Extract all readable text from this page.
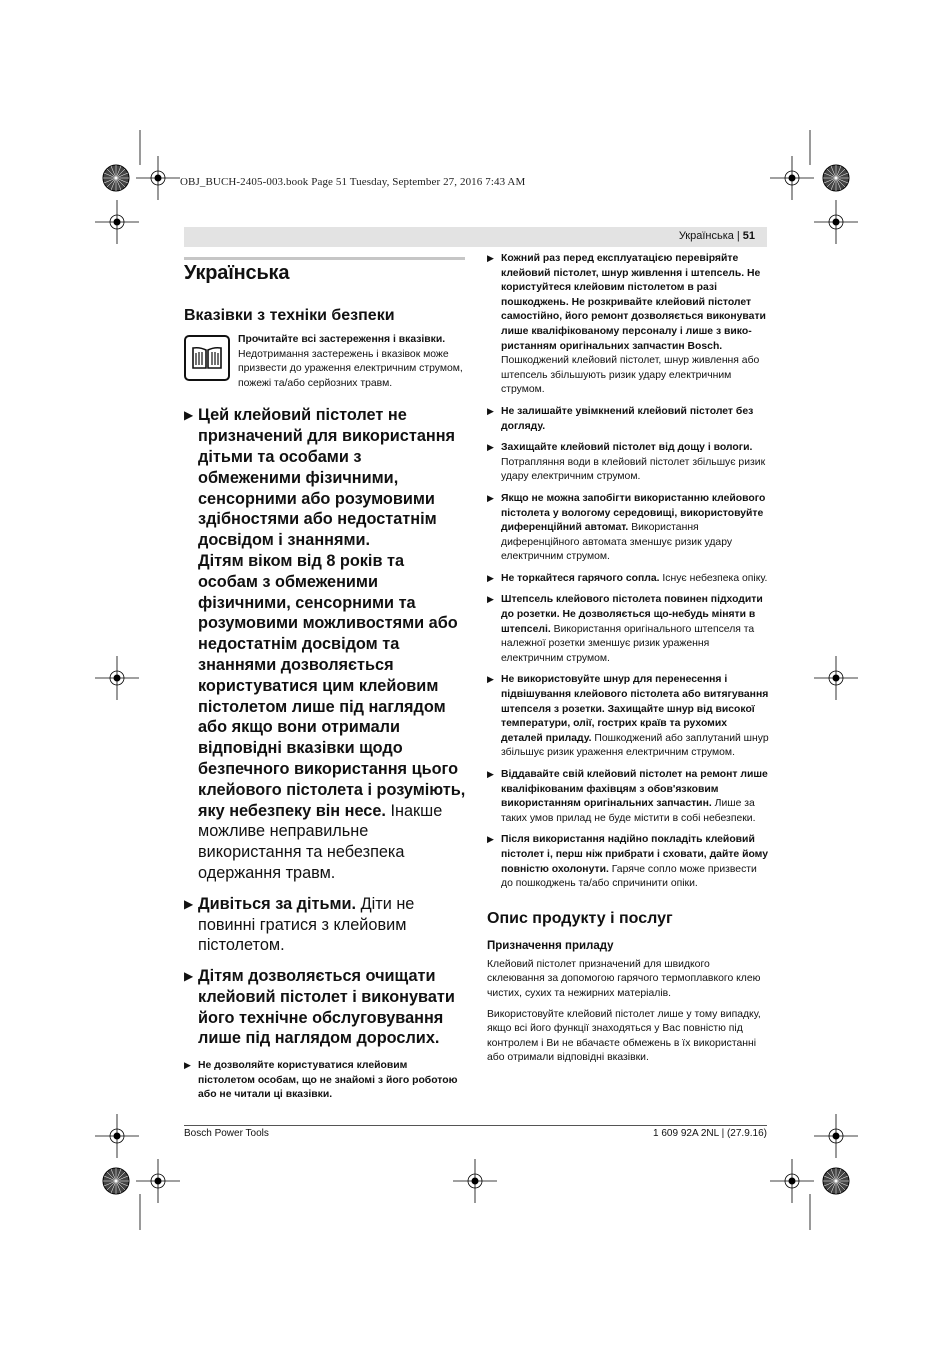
OBJ_BUCH-2405-003.book Page 51 Tuesday, September 27, 2016 7:43 AM
Українська | 51
Українська
Вказівки з техніки безпеки
Прочитайте всі застереження і вказівки.
Недотримання застережень і вказівок може призвести до ураження електричним струмом, пожежі та/або серйозних травм.
▶ Цей клейовий пістолет не призначений для використання дітьми та особами з обмеженими фізичними, сенсорними або розумовими здібностями або недостатнім досвідом і знаннями.
Дітям віком від 8 років та особам з обмеженими фізичними, сенсорними та розумовими можливостями або недостатнім досвідом та знаннями дозволяється користуватися цим клейовим пістолетом лише під наглядом або якщо вони отримали відповідні вказівки щодо безпечного використання цього клейового пістолета і розуміють, яку небезпеку він несе. Інакше можливе неправильне використання та небезпека одержання травм.
▶ Дивіться за дітьми. Діти не повинні гратися з клейовим пістолетом.
▶ Дітям дозволяється очищати клейовий пістолет і виконувати його технічне обслуговування лише під наглядом дорослих.
▶ Не дозволяйте користуватися клейовим пістолетом особам, що не знайомі з його роботою або не читали ці вказівки.
▶ Кожний раз перед експлуатацією перевіряйте клейовий пістолет, шнур живлення і штепсель. Не користуйтеся клейовим пістолетом в разі пошкоджень. Не розкривайте клейовий пістолет самостійно, його ремонт дозволяється виконувати лише кваліфікованому персоналу і лише з використанням оригінальних запчастин Bosch. Пошкоджений клейовий пістолет, шнур живлення або штепсель збільшують ризик удару електричним струмом.
▶ Не залишайте увімкнений клейовий пістолет без догляду.
▶ Захищайте клейовий пістолет від дощу і вологи. Потрапляння води в клейовий пістолет збільшує ризик удару електричним струмом.
▶ Якщо не можна запобігти використанню клейового пістолета у вологому середовищі, використовуйте диференційний автомат. Використання диференційного автомата зменшує ризик удару електричним струмом.
▶ Не торкайтеся гарячого сопла. Існує небезпека опіку.
▶ Штепсель клейового пістолета повинен підходити до розетки. Не дозволяється що-небудь міняти в штепселі. Використання оригінального штепселя та належної розетки зменшує ризик ураження електричним струмом.
▶ Не використовуйте шнур для перенесення і підвішування клейового пістолета або витягування штепселя з розетки. Захищайте шнур від високої температури, олії, гострих країв та рухомих деталей приладу. Пошкоджений або заплутаний шнур збільшує ризик ураження електричним струмом.
▶ Віддавайте свій клейовий пістолет на ремонт лише кваліфікованим фахівцям з обов'язковим використанням оригінальних запчастин. Лише за таких умов прилад не буде містити в собі небезпеки.
▶ Після використання надійно покладіть клейовий пістолет і, перш ніж прибрати і сховати, дайте йому повністю охолонути. Гаряче сопло може призвести до пошкоджень та/або спричинити опіки.
Опис продукту і послуг
Призначення приладу

Клейовий пістолет призначений для швидкого склеювання за допомогою гарячого термоплавкого клею чистих, сухих та нежирних матеріалів.

Використовуйте клейовий пістолет лише у тому випадку, якщо всі його функції знаходяться у Вас повністю під контролем і Ви не вбачаєте обмежень в їх використанні або отримали відповідні вказівки.

Bosch Power Tools	1 609 92A 2NL | (27.9.16)
